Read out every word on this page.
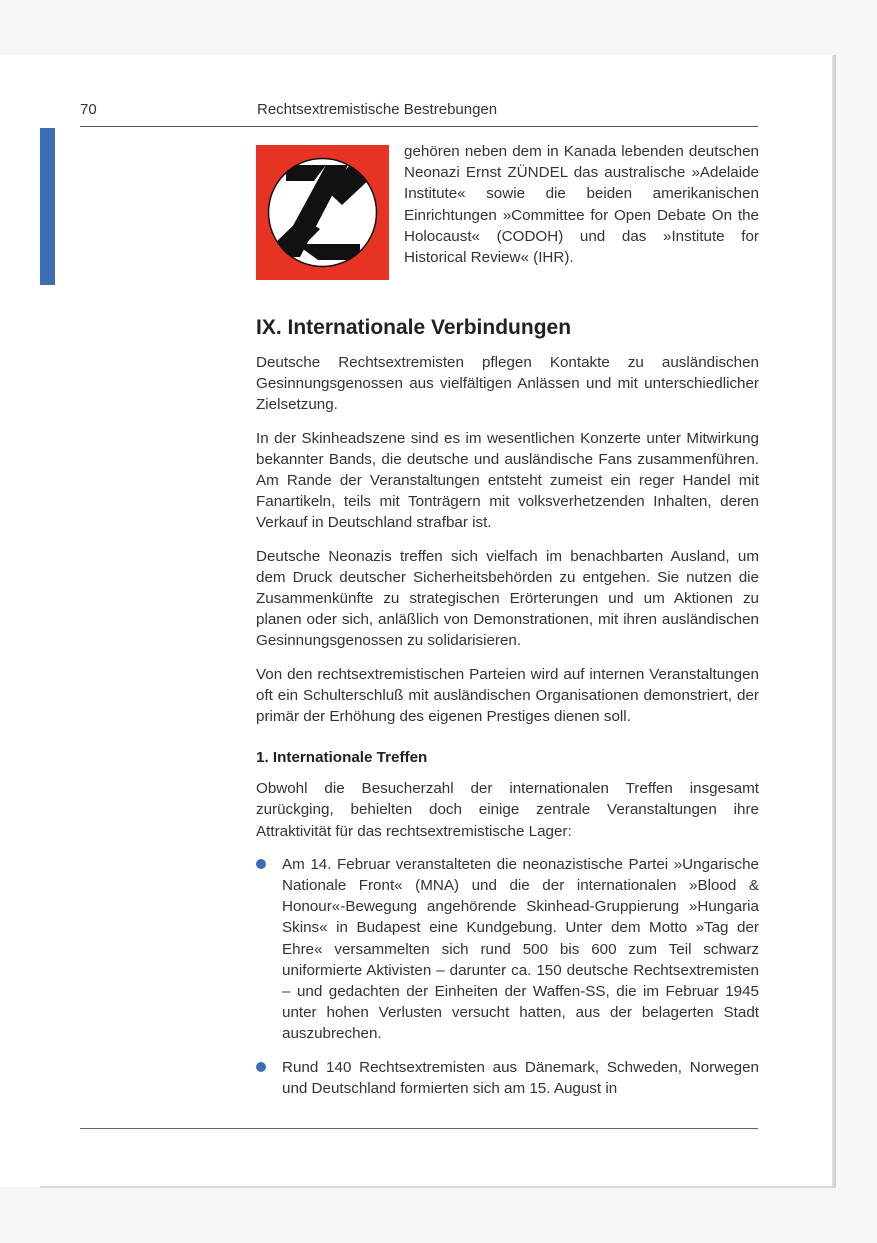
70	Rechtsextremistische Bestrebungen
gehören neben dem in Kanada lebenden deutschen Neonazi Ernst ZÜNDEL das australische »Adelaide Institute« sowie die beiden amerikanischen Einrichtungen »Committee for Open Debate On the Holocaust« (CODOH) und das »Institute for Historical Review« (IHR).
IX. Internationale Verbindungen

Deutsche Rechtsextremisten pflegen Kontakte zu ausländischen Gesinnungsgenossen aus vielfältigen Anlässen und mit unterschiedlicher Zielsetzung.

In der Skinheadszene sind es im wesentlichen Konzerte unter Mitwirkung bekannter Bands, die deutsche und ausländische Fans zusammenführen. Am Rande der Veranstaltungen entsteht zumeist ein reger Handel mit Fanartikeln, teils mit Tonträgern mit volksverhetzenden Inhalten, deren Verkauf in Deutschland strafbar ist.

Deutsche Neonazis treffen sich vielfach im benachbarten Ausland, um dem Druck deutscher Sicherheitsbehörden zu entgehen. Sie nutzen die Zusammenkünfte zu strategischen Erörterungen und um Aktionen zu planen oder sich, anläßlich von Demonstrationen, mit ihren ausländischen Gesinnungsgenossen zu solidarisieren.

Von den rechtsextremistischen Parteien wird auf internen Veranstaltungen oft ein Schulterschluß mit ausländischen Organisationen demonstriert, der primär der Erhöhung des eigenen Prestiges dienen soll.

1. Internationale Treffen

Obwohl die Besucherzahl der internationalen Treffen insgesamt zurückging, behielten doch einige zentrale Veranstaltungen ihre Attraktivität für das rechtsextremistische Lager:

Am 14. Februar veranstalteten die neonazistische Partei »Ungarische Nationale Front« (MNA) und die der internationalen »Blood & Honour«-Bewegung angehörende Skinhead-Gruppierung »Hungaria Skins« in Budapest eine Kundgebung. Unter dem Motto »Tag der Ehre« versammelten sich rund 500 bis 600 zum Teil schwarz uniformierte Aktivisten – darunter ca. 150 deutsche Rechtsextremisten – und gedachten der Einheiten der Waffen-SS, die im Februar 1945 unter hohen Verlusten versucht hatten, aus der belagerten Stadt auszubrechen.
Rund 140 Rechtsextremisten aus Dänemark, Schweden, Norwegen und Deutschland formierten sich am 15. August in
